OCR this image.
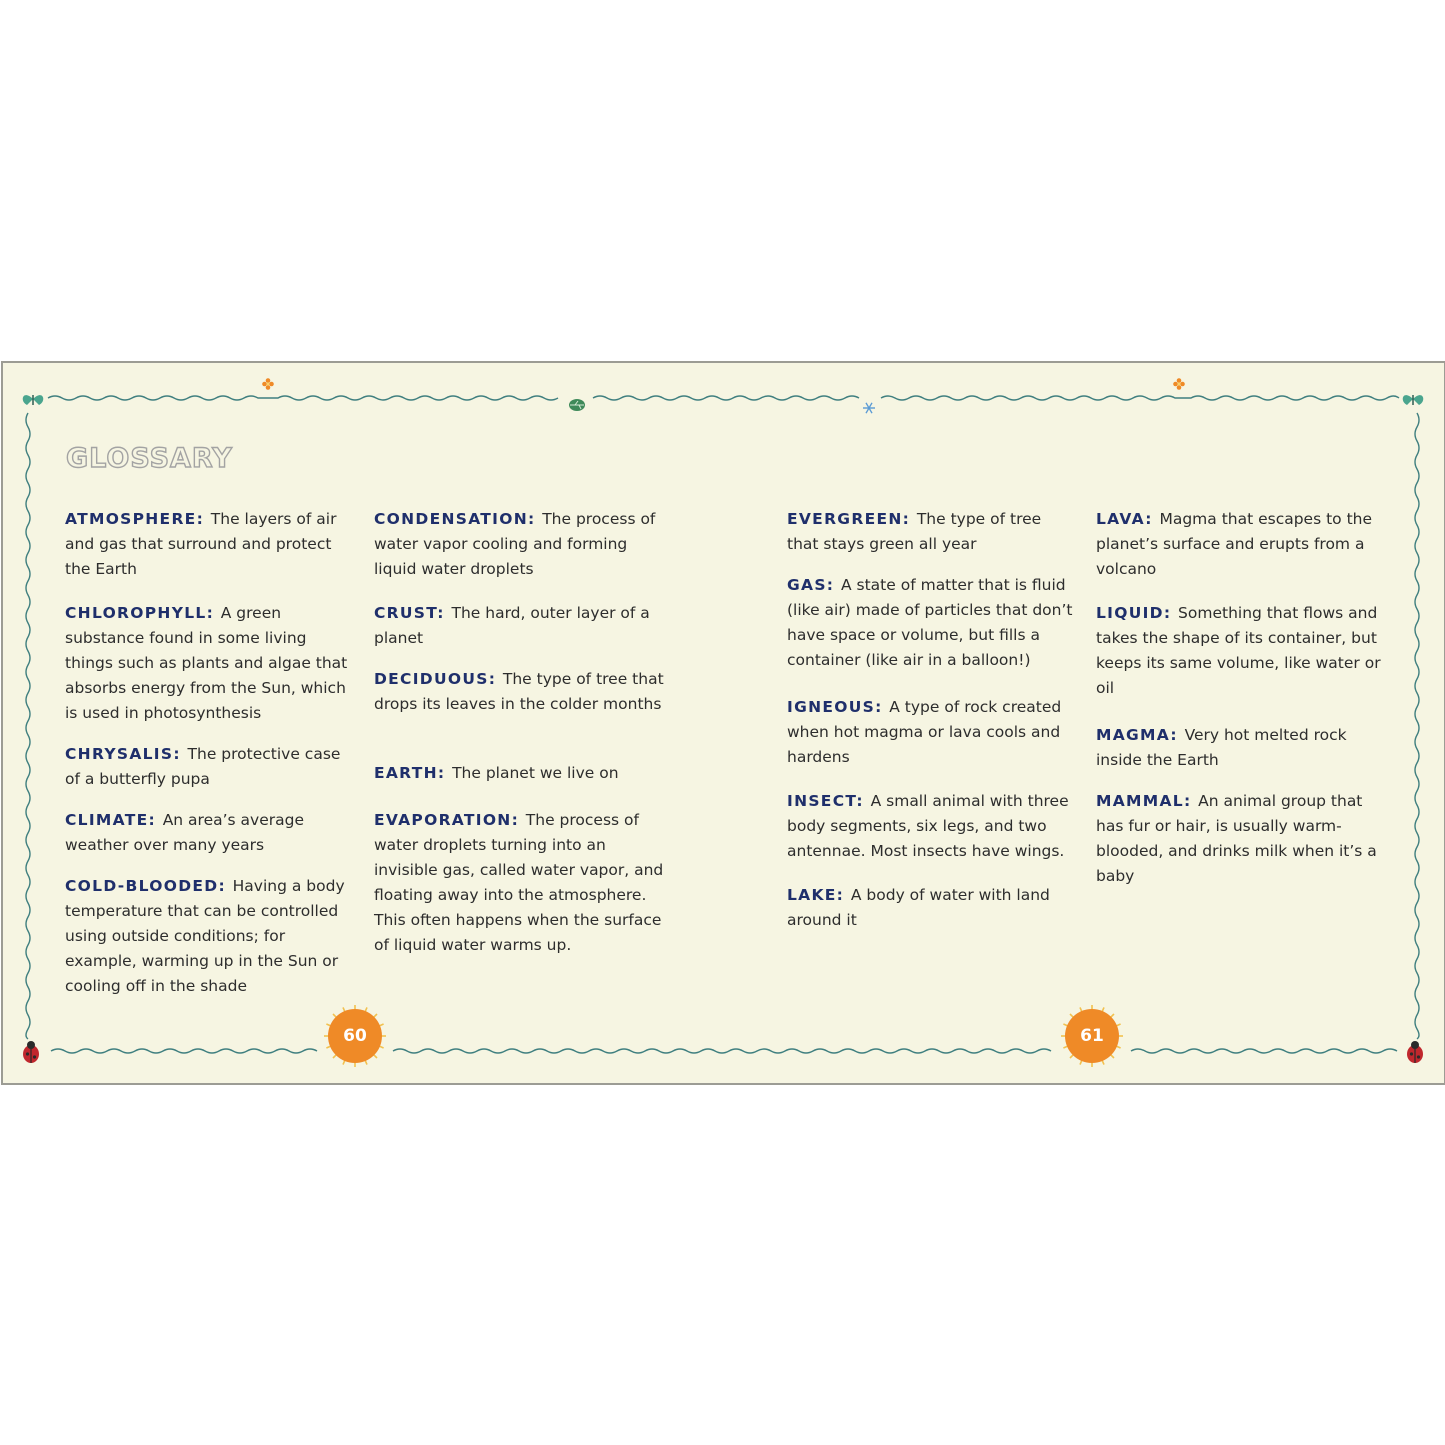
GLOSSARY

ATMOSPHERE: The layers of air and gas that surround and protect the Earth

CHLOROPHYLL: A green substance found in some living things such as plants and algae that absorbs energy from the Sun, which is used in photosynthesis

CHRYSALIS: The protective case of a butterfly pupa

CLIMATE: An area’s average weather over many years

COLD-BLOODED: Having a body temperature that can be controlled using outside conditions; for example, warming up in the Sun or cooling off in the shade

CONDENSATION: The process of water vapor cooling and forming liquid water droplets

CRUST: The hard, outer layer of a planet

DECIDUOUS: The type of tree that drops its leaves in the colder months

EARTH: The planet we live on

EVAPORATION: The process of water droplets turning into an invisible gas, called water vapor, and floating away into the atmosphere. This often happens when the surface of liquid water warms up.

EVERGREEN: The type of tree that stays green all year

GAS: A state of matter that is fluid (like air) made of particles that don’t have space or volume, but fills a container (like air in a balloon!)

IGNEOUS: A type of rock created when hot magma or lava cools and hardens

INSECT: A small animal with three body segments, six legs, and two antennae. Most insects have wings.

LAKE: A body of water with land around it

LAVA: Magma that escapes to the planet’s surface and erupts from a volcano

LIQUID: Something that flows and takes the shape of its container, but keeps its same volume, like water or oil

MAGMA: Very hot melted rock inside the Earth

MAMMAL: An animal group that has fur or hair, is usually warm-blooded, and drinks milk when it’s a baby

60	61
